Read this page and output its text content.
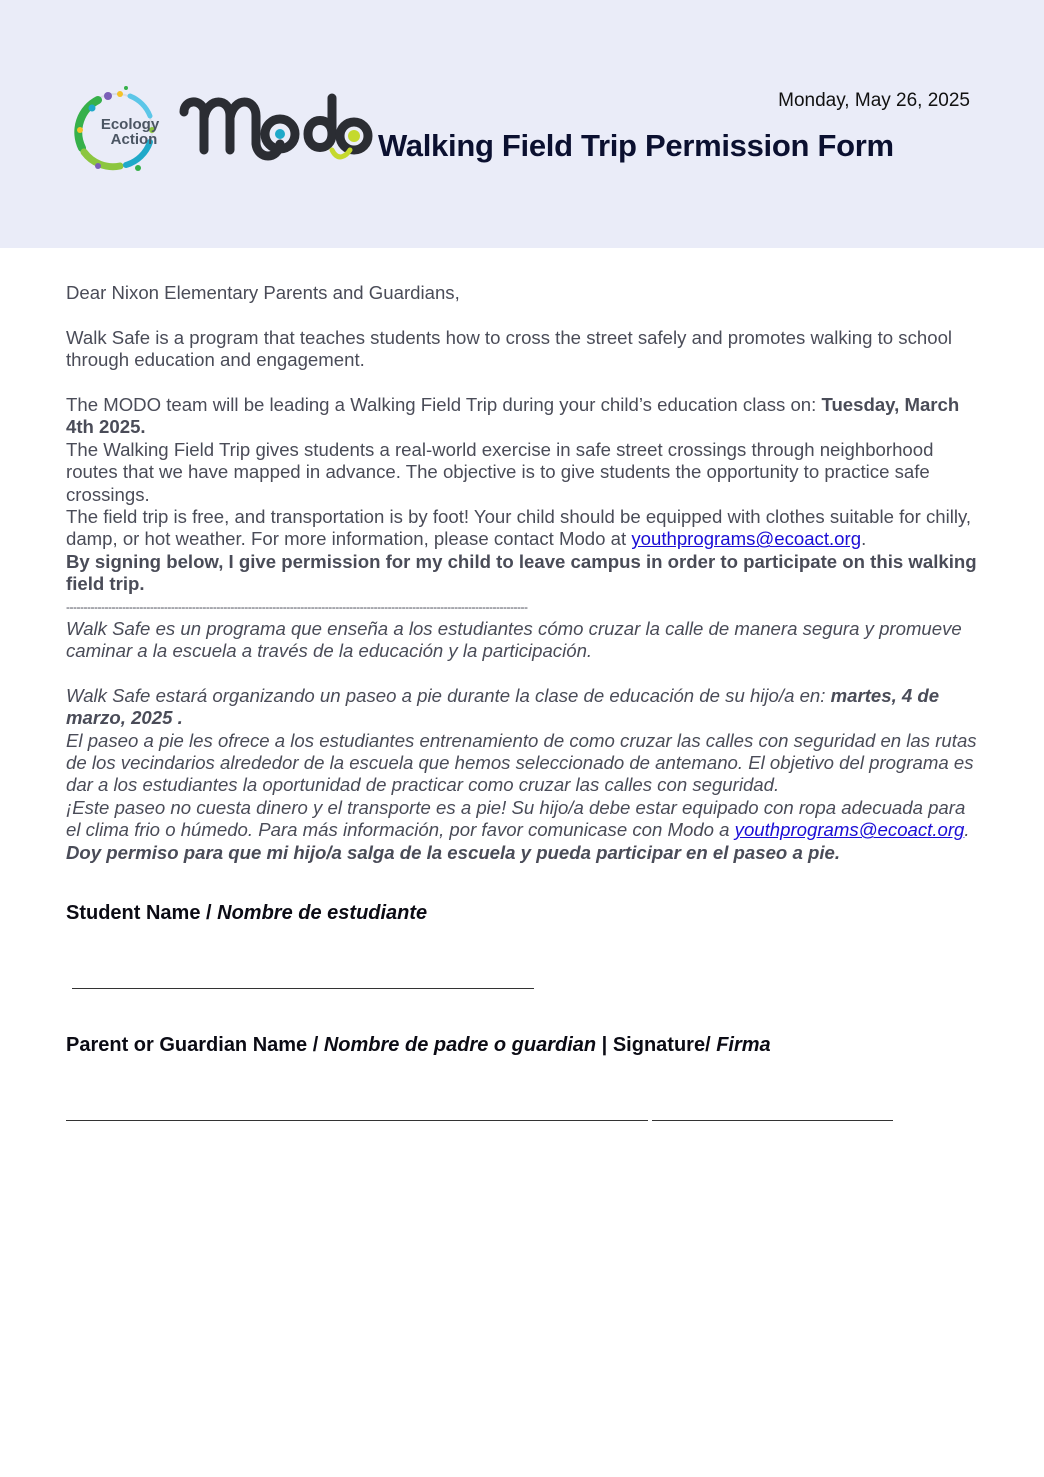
Ecology
Action
modo	Monday, May 26, 2025
Walking Field Trip Permission Form

Dear Nixon Elementary Parents and Guardians,

Walk Safe is a program that teaches students how to cross the street safely and promotes walking to school through education and engagement.

The MODO team will be leading a Walking Field Trip during your child’s education class on: Tuesday, March 4th 2025.

The Walking Field Trip gives students a real-world exercise in safe street crossings through neighborhood routes that we have mapped in advance. The objective is to give students the opportunity to practice safe crossings.

The field trip is free, and transportation is by foot! Your child should be equipped with clothes suitable for chilly, damp, or hot weather. For more information, please contact Modo at youthprograms@ecoact.org.

By signing below, I give permission for my child to leave campus in order to participate on this walking field trip.

------------------------------------------------------------------------------------------------------------------------------------

Walk Safe es un programa que enseña a los estudiantes cómo cruzar la calle de manera segura y promueve caminar a la escuela a través de la educación y la participación.

Walk Safe estará organizando un paseo a pie durante la clase de educación de su hijo/a en: martes, 4 de marzo, 2025 .

El paseo a pie les ofrece a los estudiantes entrenamiento de como cruzar las calles con seguridad en las rutas de los vecindarios alrededor de la escuela que hemos seleccionado de antemano. El objetivo del programa es dar a los estudiantes la oportunidad de practicar como cruzar las calles con seguridad.

¡Este paseo no cuesta dinero y el transporte es a pie! Su hijo/a debe estar equipado con ropa adecuada para el clima frio o húmedo. Para más información, por favor comunicase con Modo a youthprograms@ecoact.org.

Doy permiso para que mi hijo/a salga de la escuela y pueda participar en el paseo a pie.

Student Name / Nombre de estudiante
Parent or Guardian Name / Nombre de padre o guardian | Signature/ Firma
